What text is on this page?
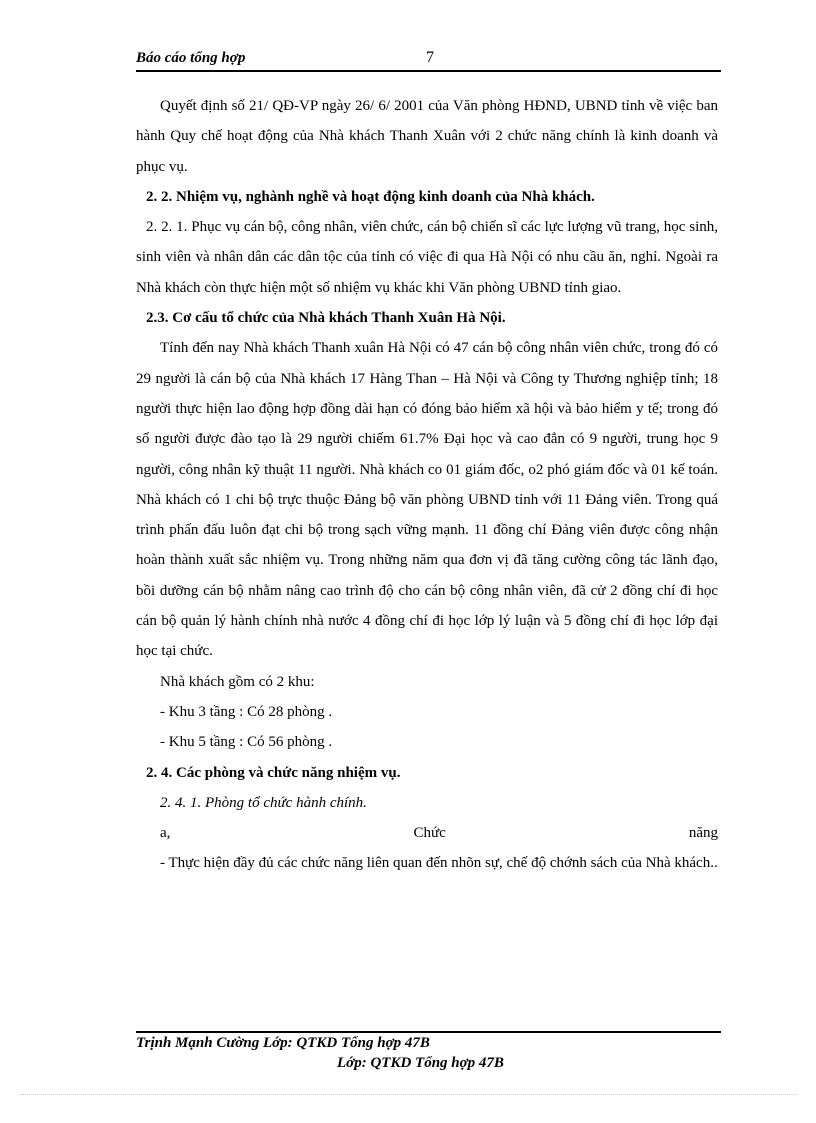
Báo cáo tổng hợp	7

Quyết định số 21/ QĐ-VP ngày 26/ 6/ 2001 của Văn phòng HĐND, UBND tỉnh về việc ban hành Quy chế hoạt động của Nhà khách Thanh Xuân với 2 chức năng chính là kinh doanh và phục vụ.

2. 2. Nhiệm vụ, nghành nghề và hoạt động kinh doanh của Nhà khách.

2. 2. 1. Phục vụ cán bộ, công nhân, viên chức, cán bộ chiến sĩ các lực lượng vũ trang, học sinh, sinh viên và nhân dân các dân tộc của tỉnh có việc đi qua Hà Nội có nhu cầu ăn, nghỉ. Ngoài ra Nhà khách còn thực hiện một số nhiệm vụ khác khi Văn phòng UBND tỉnh giao.

2.3. Cơ cấu tổ chức của Nhà khách Thanh Xuân Hà Nội.

Tính đến nay Nhà khách Thanh xuân Hà Nội có 47 cán bộ công nhân viên chức, trong đó có 29 người là cán bộ của Nhà khách 17 Hàng Than – Hà Nội và Công ty Thương nghiệp tỉnh; 18 người thực hiện lao động hợp đồng dài hạn có đóng bảo hiểm xã hội và bảo hiểm y tế; trong đó số người được đào tạo là 29 người chiếm 61.7% Đại học và cao đẳn có 9 người, trung học 9 người, công nhân kỹ thuật 11 người. Nhà khách co 01 giám đốc, o2 phó giám đốc và 01 kế toán. Nhà khách có 1 chi bộ trực thuộc Đảng bộ văn phòng UBND tỉnh với 11 Đảng viên. Trong quá trình phấn đấu luôn đạt chi bộ trong sạch vững mạnh. 11 đồng chí Đảng viên được công nhận hoàn thành xuất sắc nhiệm vụ. Trong những năm qua đơn vị đã tăng cường công tác lãnh đạo, bồi dưỡng cán bộ nhằm nâng cao trình độ cho cán bộ công nhân viên, đã cử 2 đồng chí đi học cán bộ quản lý hành chính nhà nước 4 đồng chí đi học lớp lý luận và 5 đồng chí đi học lớp đại học tại chức.

Nhà khách gồm có 2 khu:

- Khu 3 tầng : Có 28 phòng .

- Khu 5 tầng : Có 56 phòng .

2. 4. Các phòng và chức năng nhiệm vụ.

2. 4. 1. Phòng tổ chức hành chính.

a, Chức năng

- Thực hiện đầy đủ các chức năng liên quan đến nhõn sự, chế độ chớnh sách của Nhà khách..

Trịnh Mạnh Cường Lớp: QTKD Tổng hợp 47B
Lớp: QTKD Tổng hợp 47B
